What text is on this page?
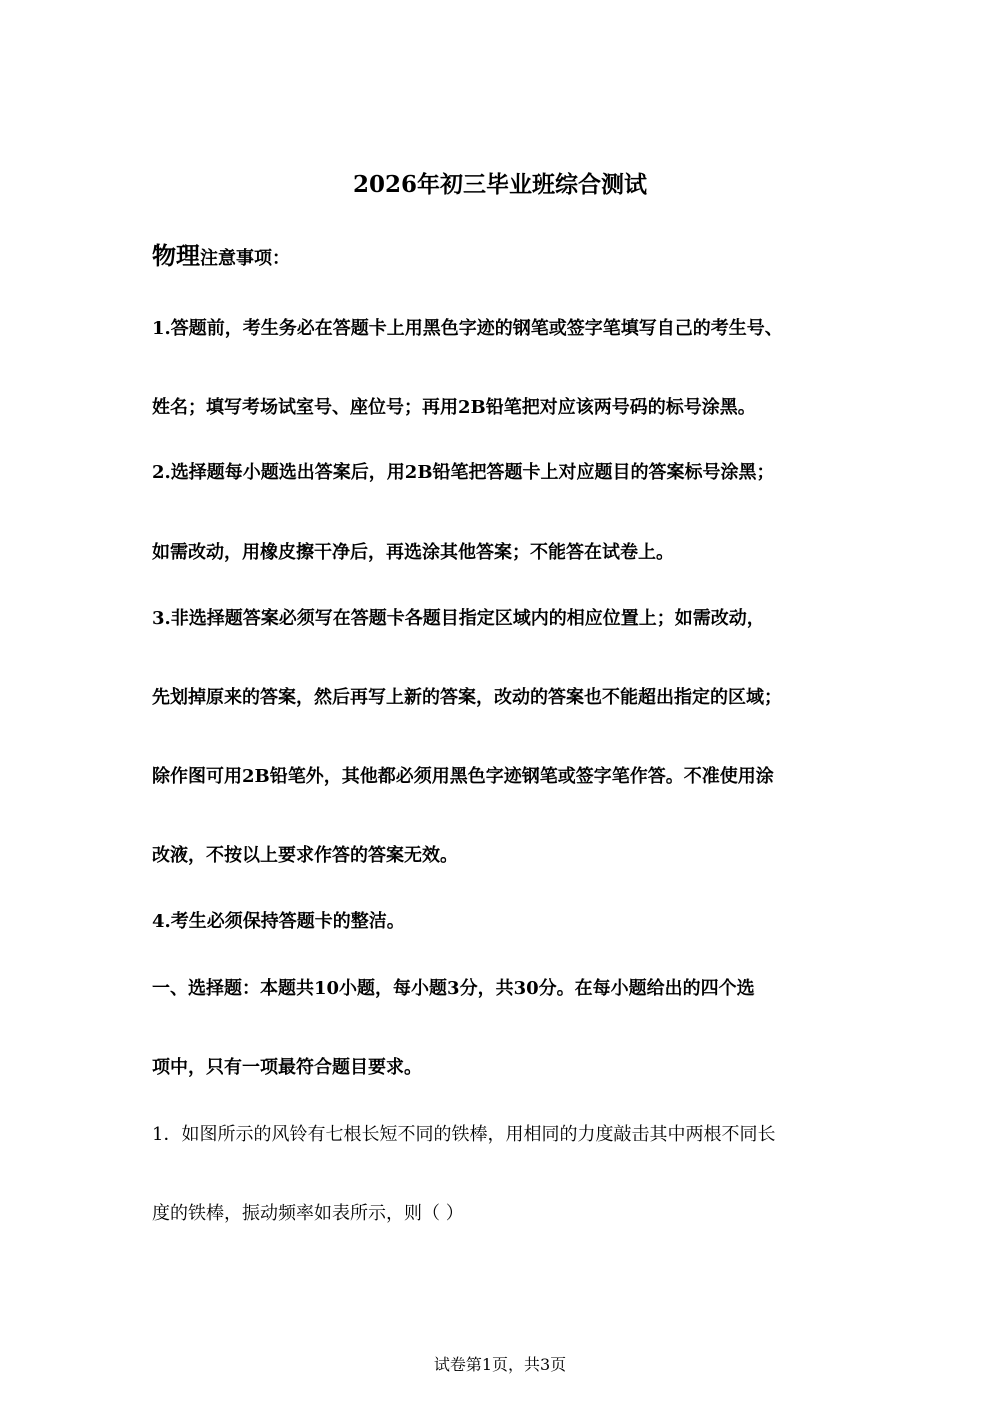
2026年初三毕业班综合测试
物理注意事项：
1.答题前，考生务必在答题卡上用黑色字迹的钢笔或签字笔填写自己的考生号、
姓名；填写考场试室号、座位号；再用2B铅笔把对应该两号码的标号涂黑。
2.选择题每小题选出答案后，用2B铅笔把答题卡上对应题目的答案标号涂黑；
如需改动，用橡皮擦干净后，再选涂其他答案；不能答在试卷上。
3.非选择题答案必须写在答题卡各题目指定区域内的相应位置上；如需改动，
先划掉原来的答案，然后再写上新的答案，改动的答案也不能超出指定的区域；
除作图可用2B铅笔外，其他都必须用黑色字迹钢笔或签字笔作答。不准使用涂
改液，不按以上要求作答的答案无效。
4.考生必须保持答题卡的整洁。
一、选择题：本题共10小题，每小题3分，共30分。在每小题给出的四个选
项中，只有一项最符合题目要求。
1．如图所示的风铃有七根长短不同的铁棒，用相同的力度敲击其中两根不同长
度的铁棒，振动频率如表所示，则（ ）
试卷第1页，共3页
